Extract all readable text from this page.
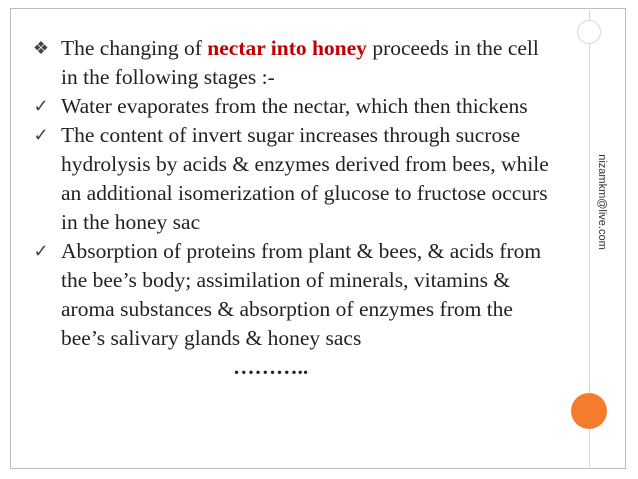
nizamkm@live.com
❖ The changing of nectar into honey proceeds in the cell in the following stages :-
✓ Water evaporates from the nectar, which then thickens
✓ The content of invert sugar increases through sucrose hydrolysis by acids & enzymes derived from bees, while an additional isomerization of glucose to fructose occurs in the honey sac
✓ Absorption of proteins from plant & bees, & acids from the bee’s body; assimilation of minerals, vitamins & aroma substances & absorption of enzymes from the bee’s salivary glands & honey sacs………..
